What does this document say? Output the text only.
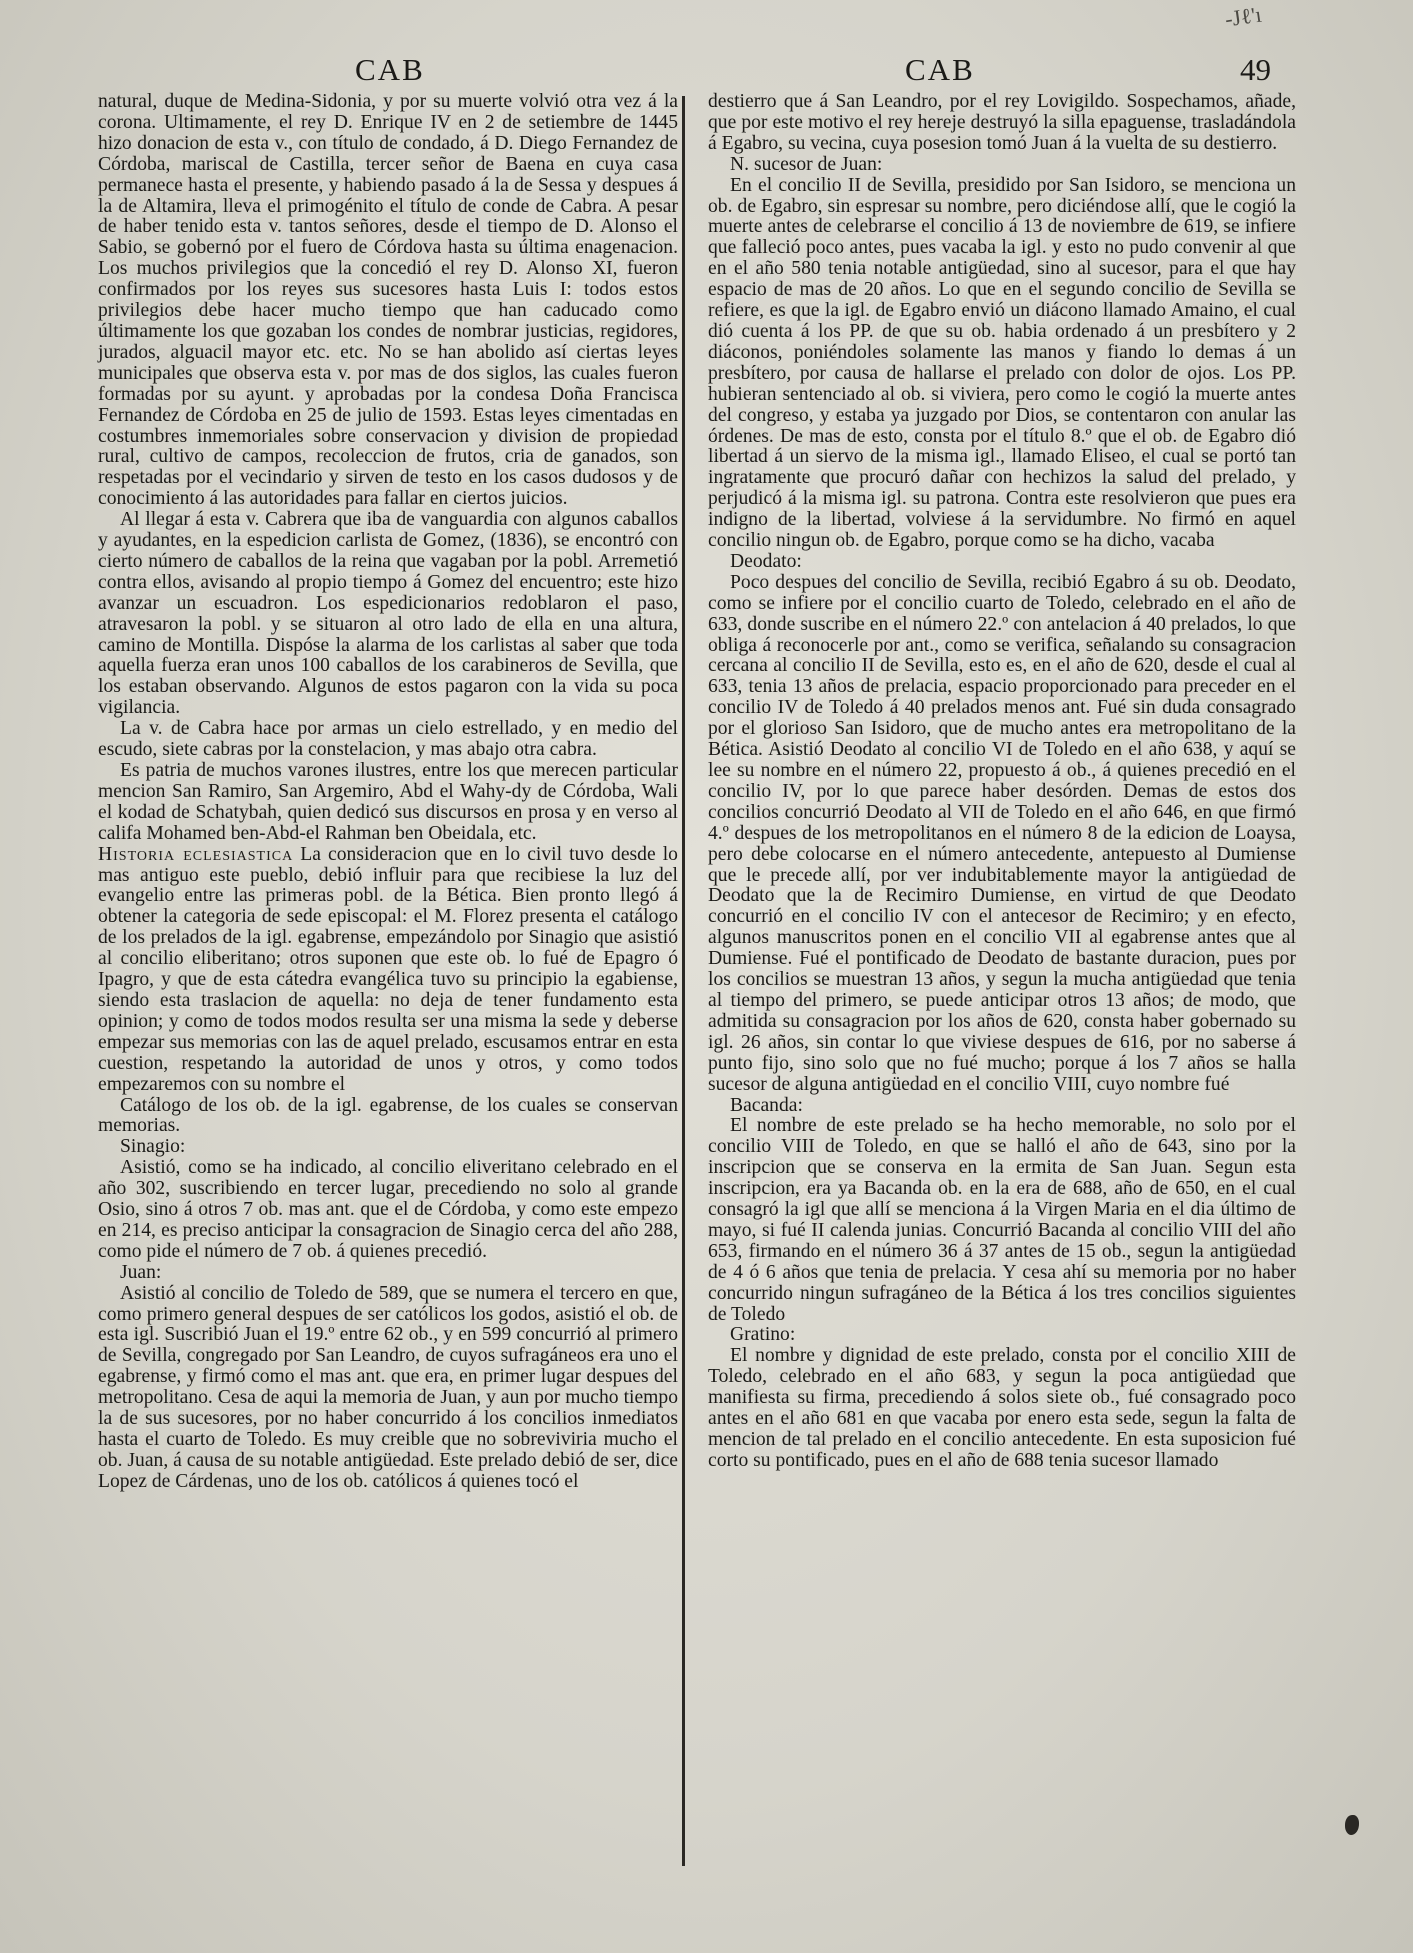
-Jℓ'ı
CAB	CAB	49

natural, duque de Medina-Sidonia, y por su muerte volvió otra vez á la corona. Ultimamente, el rey D. Enrique IV en 2 de setiembre de 1445 hizo donacion de esta v., con título de condado, á D. Diego Fernandez de Córdoba, mariscal de Castilla, tercer señor de Baena en cuya casa permanece hasta el presente, y habiendo pasado á la de Sessa y despues á la de Altamira, lleva el primogénito el título de conde de Cabra. A pesar de haber tenido esta v. tantos señores, desde el tiempo de D. Alonso el Sabio, se gobernó por el fuero de Córdova hasta su última enagenacion. Los muchos privilegios que la concedió el rey D. Alonso XI, fueron confirmados por los reyes sus sucesores hasta Luis I: todos estos privilegios debe hacer mucho tiempo que han caducado como últimamente los que gozaban los condes de nombrar justicias, regidores, jurados, alguacil mayor etc. etc. No se han abolido así ciertas leyes municipales que observa esta v. por mas de dos siglos, las cuales fueron formadas por su ayunt. y aprobadas por la condesa Doña Francisca Fernandez de Córdoba en 25 de julio de 1593. Estas leyes cimentadas en costumbres inmemoriales sobre conservacion y division de propiedad rural, cultivo de campos, recoleccion de frutos, cria de ganados, son respetadas por el vecindario y sirven de testo en los casos dudosos y de conocimiento á las autoridades para fallar en ciertos juicios.

Al llegar á esta v. Cabrera que iba de vanguardia con algunos caballos y ayudantes, en la espedicion carlista de Gomez, (1836), se encontró con cierto número de caballos de la reina que vagaban por la pobl. Arremetió contra ellos, avisando al propio tiempo á Gomez del encuentro; este hizo avanzar un escuadron. Los espedicionarios redoblaron el paso, atravesaron la pobl. y se situaron al otro lado de ella en una altura, camino de Montilla. Dispóse la alarma de los carlistas al saber que toda aquella fuerza eran unos 100 caballos de los carabineros de Sevilla, que los estaban observando. Algunos de estos pagaron con la vida su poca vigilancia.

La v. de Cabra hace por armas un cielo estrellado, y en medio del escudo, siete cabras por la constelacion, y mas abajo otra cabra.

Es patria de muchos varones ilustres, entre los que merecen particular mencion San Ramiro, San Argemiro, Abd el Wahy-dy de Córdoba, Wali el kodad de Schatybah, quien dedicó sus discursos en prosa y en verso al califa Mohamed ben-Abd-el Rahman ben Obeidala, etc.

Historia eclesiastica La consideracion que en lo civil tuvo desde lo mas antiguo este pueblo, debió influir para que recibiese la luz del evangelio entre las primeras pobl. de la Bética. Bien pronto llegó á obtener la categoria de sede episcopal: el M. Florez presenta el catálogo de los prelados de la igl. egabrense, empezándolo por Sinagio que asistió al concilio eliberitano; otros suponen que este ob. lo fué de Epagro ó Ipagro, y que de esta cátedra evangélica tuvo su principio la egabiense, siendo esta traslacion de aquella: no deja de tener fundamento esta opinion; y como de todos modos resulta ser una misma la sede y deberse empezar sus memorias con las de aquel prelado, escusamos entrar en esta cuestion, respetando la autoridad de unos y otros, y como todos empezaremos con su nombre el

Catálogo de los ob. de la igl. egabrense, de los cuales se conservan memorias.

Sinagio:

Asistió, como se ha indicado, al concilio eliveritano celebrado en el año 302, suscribiendo en tercer lugar, precediendo no solo al grande Osio, sino á otros 7 ob. mas ant. que el de Córdoba, y como este empezo en 214, es preciso anticipar la consagracion de Sinagio cerca del año 288, como pide el número de 7 ob. á quienes precedió.

Juan:

Asistió al concilio de Toledo de 589, que se numera el tercero en que, como primero general despues de ser católicos los godos, asistió el ob. de esta igl. Suscribió Juan el 19.º entre 62 ob., y en 599 concurrió al primero de Sevilla, congregado por San Leandro, de cuyos sufragáneos era uno el egabrense, y firmó como el mas ant. que era, en primer lugar despues del metropolitano. Cesa de aqui la memoria de Juan, y aun por mucho tiempo la de sus sucesores, por no haber concurrido á los concilios inmediatos hasta el cuarto de Toledo. Es muy creible que no sobreviviria mucho el ob. Juan, á causa de su notable antigüedad. Este prelado debió de ser, dice Lopez de Cárdenas, uno de los ob. católicos á quienes tocó el

destierro que á San Leandro, por el rey Lovigildo. Sospechamos, añade, que por este motivo el rey hereje destruyó la silla epaguense, trasladándola á Egabro, su vecina, cuya posesion tomó Juan á la vuelta de su destierro.

N. sucesor de Juan:

En el concilio II de Sevilla, presidido por San Isidoro, se menciona un ob. de Egabro, sin espresar su nombre, pero diciéndose allí, que le cogió la muerte antes de celebrarse el concilio á 13 de noviembre de 619, se infiere que falleció poco antes, pues vacaba la igl. y esto no pudo convenir al que en el año 580 tenia notable antigüedad, sino al sucesor, para el que hay espacio de mas de 20 años. Lo que en el segundo concilio de Sevilla se refiere, es que la igl. de Egabro envió un diácono llamado Amaino, el cual dió cuenta á los PP. de que su ob. habia ordenado á un presbítero y 2 diáconos, poniéndoles solamente las manos y fiando lo demas á un presbítero, por causa de hallarse el prelado con dolor de ojos. Los PP. hubieran sentenciado al ob. si viviera, pero como le cogió la muerte antes del congreso, y estaba ya juzgado por Dios, se contentaron con anular las órdenes. De mas de esto, consta por el título 8.º que el ob. de Egabro dió libertad á un siervo de la misma igl., llamado Eliseo, el cual se portó tan ingratamente que procuró dañar con hechizos la salud del prelado, y perjudicó á la misma igl. su patrona. Contra este resolvieron que pues era indigno de la libertad, volviese á la servidumbre. No firmó en aquel concilio ningun ob. de Egabro, porque como se ha dicho, vacaba

Deodato:

Poco despues del concilio de Sevilla, recibió Egabro á su ob. Deodato, como se infiere por el concilio cuarto de Toledo, celebrado en el año de 633, donde suscribe en el número 22.º con antelacion á 40 prelados, lo que obliga á reconocerle por ant., como se verifica, señalando su consagracion cercana al concilio II de Sevilla, esto es, en el año de 620, desde el cual al 633, tenia 13 años de prelacia, espacio proporcionado para preceder en el concilio IV de Toledo á 40 prelados menos ant. Fué sin duda consagrado por el glorioso San Isidoro, que de mucho antes era metropolitano de la Bética. Asistió Deodato al concilio VI de Toledo en el año 638, y aquí se lee su nombre en el número 22, propuesto á ob., á quienes precedió en el concilio IV, por lo que parece haber desórden. Demas de estos dos concilios concurrió Deodato al VII de Toledo en el año 646, en que firmó 4.º despues de los metropolitanos en el número 8 de la edicion de Loaysa, pero debe colocarse en el número antecedente, antepuesto al Dumiense que le precede allí, por ver indubitablemente mayor la antigüedad de Deodato que la de Recimiro Dumiense, en virtud de que Deodato concurrió en el concilio IV con el antecesor de Recimiro; y en efecto, algunos manuscritos ponen en el concilio VII al egabrense antes que al Dumiense. Fué el pontificado de Deodato de bastante duracion, pues por los concilios se muestran 13 años, y segun la mucha antigüedad que tenia al tiempo del primero, se puede anticipar otros 13 años; de modo, que admitida su consagracion por los años de 620, consta haber gobernado su igl. 26 años, sin contar lo que viviese despues de 616, por no saberse á punto fijo, sino solo que no fué mucho; porque á los 7 años se halla sucesor de alguna antigüedad en el concilio VIII, cuyo nombre fué

Bacanda:

El nombre de este prelado se ha hecho memorable, no solo por el concilio VIII de Toledo, en que se halló el año de 643, sino por la inscripcion que se conserva en la ermita de San Juan. Segun esta inscripcion, era ya Bacanda ob. en la era de 688, año de 650, en el cual consagró la igl que allí se menciona á la Virgen Maria en el dia último de mayo, si fué II calenda junias. Concurrió Bacanda al concilio VIII del año 653, firmando en el número 36 á 37 antes de 15 ob., segun la antigüedad de 4 ó 6 años que tenia de prelacia. Y cesa ahí su memoria por no haber concurrido ningun sufragáneo de la Bética á los tres concilios siguientes de Toledo

Gratino:

El nombre y dignidad de este prelado, consta por el concilio XIII de Toledo, celebrado en el año 683, y segun la poca antigüedad que manifiesta su firma, precediendo á solos siete ob., fué consagrado poco antes en el año 681 en que vacaba por enero esta sede, segun la falta de mencion de tal prelado en el concilio antecedente. En esta suposicion fué corto su pontificado, pues en el año de 688 tenia sucesor llamado
